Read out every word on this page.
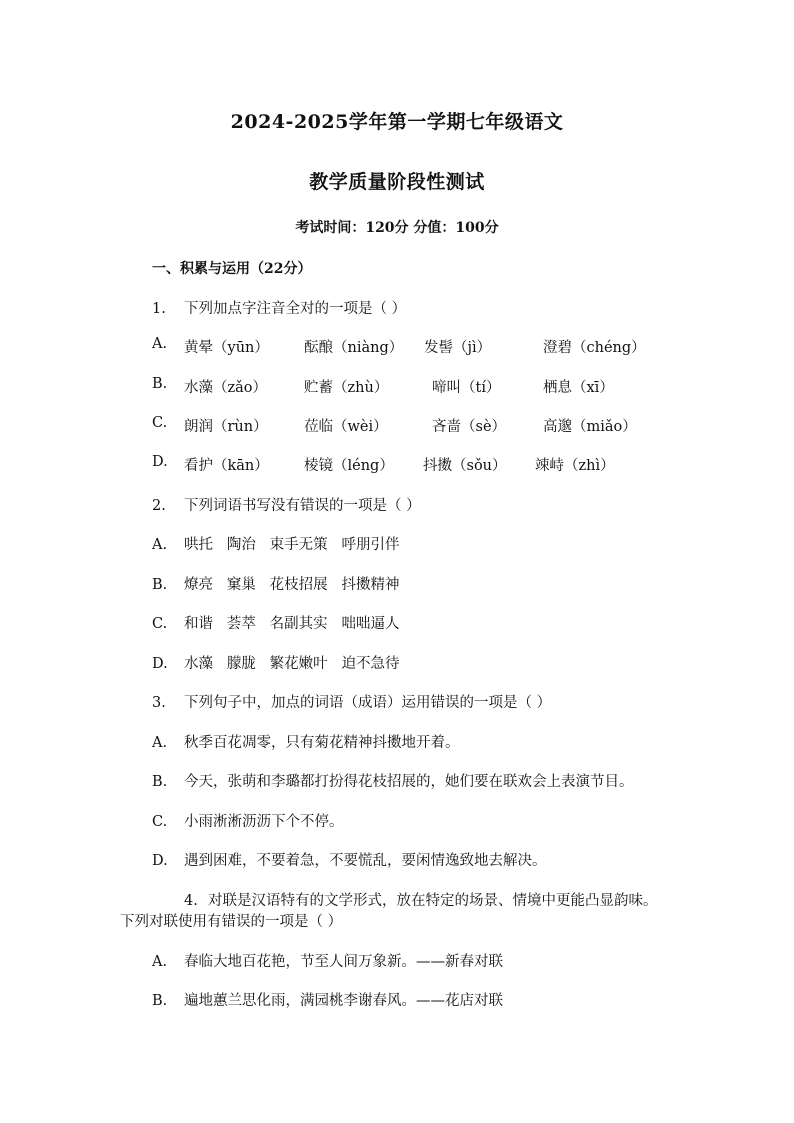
2024-2025学年第一学期七年级语文
教学质量阶段性测试
考试时间：120分 分值：100分
一、积累与运用（22分）
1. 下列加点字注音全对的一项是（ ）
A. 黄晕（yūn） 酝酿（niàng） 发髻（jì）	澄碧（chéng）
B. 水藻（zǎo）	贮蓄（zhù）	啼叫（tí）	栖息（xī）
C. 朗润（rùn）	莅临（wèi）	吝啬（sè）	高邈（miǎo）
D. 看护（kān） 棱镜（léng） 抖擞（sǒu） 竦峙（zhì）
2. 下列词语书写没有错误的一项是（ ）
A. 哄托   陶治   束手无策   呼朋引伴
B. 燎亮   窠巢   花枝招展   抖擞精神
C. 和谐   荟萃   名副其实   咄咄逼人
D. 水藻   朦胧   繁花嫩叶   迫不急待
3. 下列句子中，加点的词语（成语）运用错误的一项是（ ）
A. 秋季百花凋零，只有菊花精神抖擞地开着。
B. 今天，张萌和李璐都打扮得花枝招展的，她们要在联欢会上表演节目。
C. 小雨淅淅沥沥下个不停。
D. 遇到困难，不要着急，不要慌乱，要闲情逸致地去解决。
4. 对联是汉语特有的文学形式，放在特定的场景、情境中更能凸显韵味。
下列对联使用有错误的一项是（ ）
A. 春临大地百花艳，节至人间万象新。——新春对联
B. 遍地蕙兰思化雨，满园桃李谢春风。——花店对联
